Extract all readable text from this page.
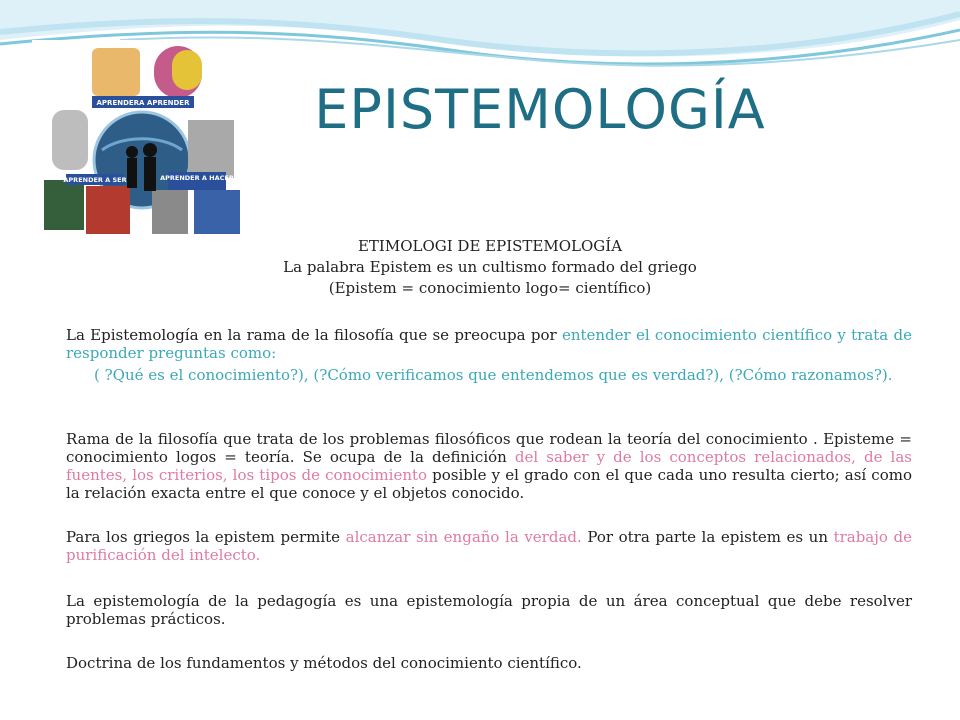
APRENDERA APRENDER
APRENDER A SER	APRENDER A HACER
EPISTEMOLOGÍA

ETIMOLOGI DE EPISTEMOLOGÍA

La palabra Epistem es un cultismo formado del griego

(Epistem = conocimiento logo= científico)

La Epistemología en la rama de la filosofía que se preocupa por entender el conocimiento científico y trata de responder preguntas como:

( ?Qué es el conocimiento?), (?Cómo verificamos que entendemos que es verdad?), (?Cómo razonamos?).

Rama de la filosofía que trata de los problemas filosóficos que rodean la teoría del conocimiento . Episteme = conocimiento logos = teoría. Se ocupa de la definición del saber y de los conceptos relacionados, de las fuentes, los criterios, los tipos de conocimiento posible y el grado con el que cada uno resulta cierto; así como la relación exacta entre el que conoce y el objetos conocido.

Para los griegos la epistem permite alcanzar sin engaño la verdad. Por otra parte la epistem es un trabajo de purificación del intelecto.

La epistemología de la pedagogía es una epistemología propia de un área conceptual que debe resolver problemas prácticos.

Doctrina de los fundamentos y métodos del conocimiento científico.
